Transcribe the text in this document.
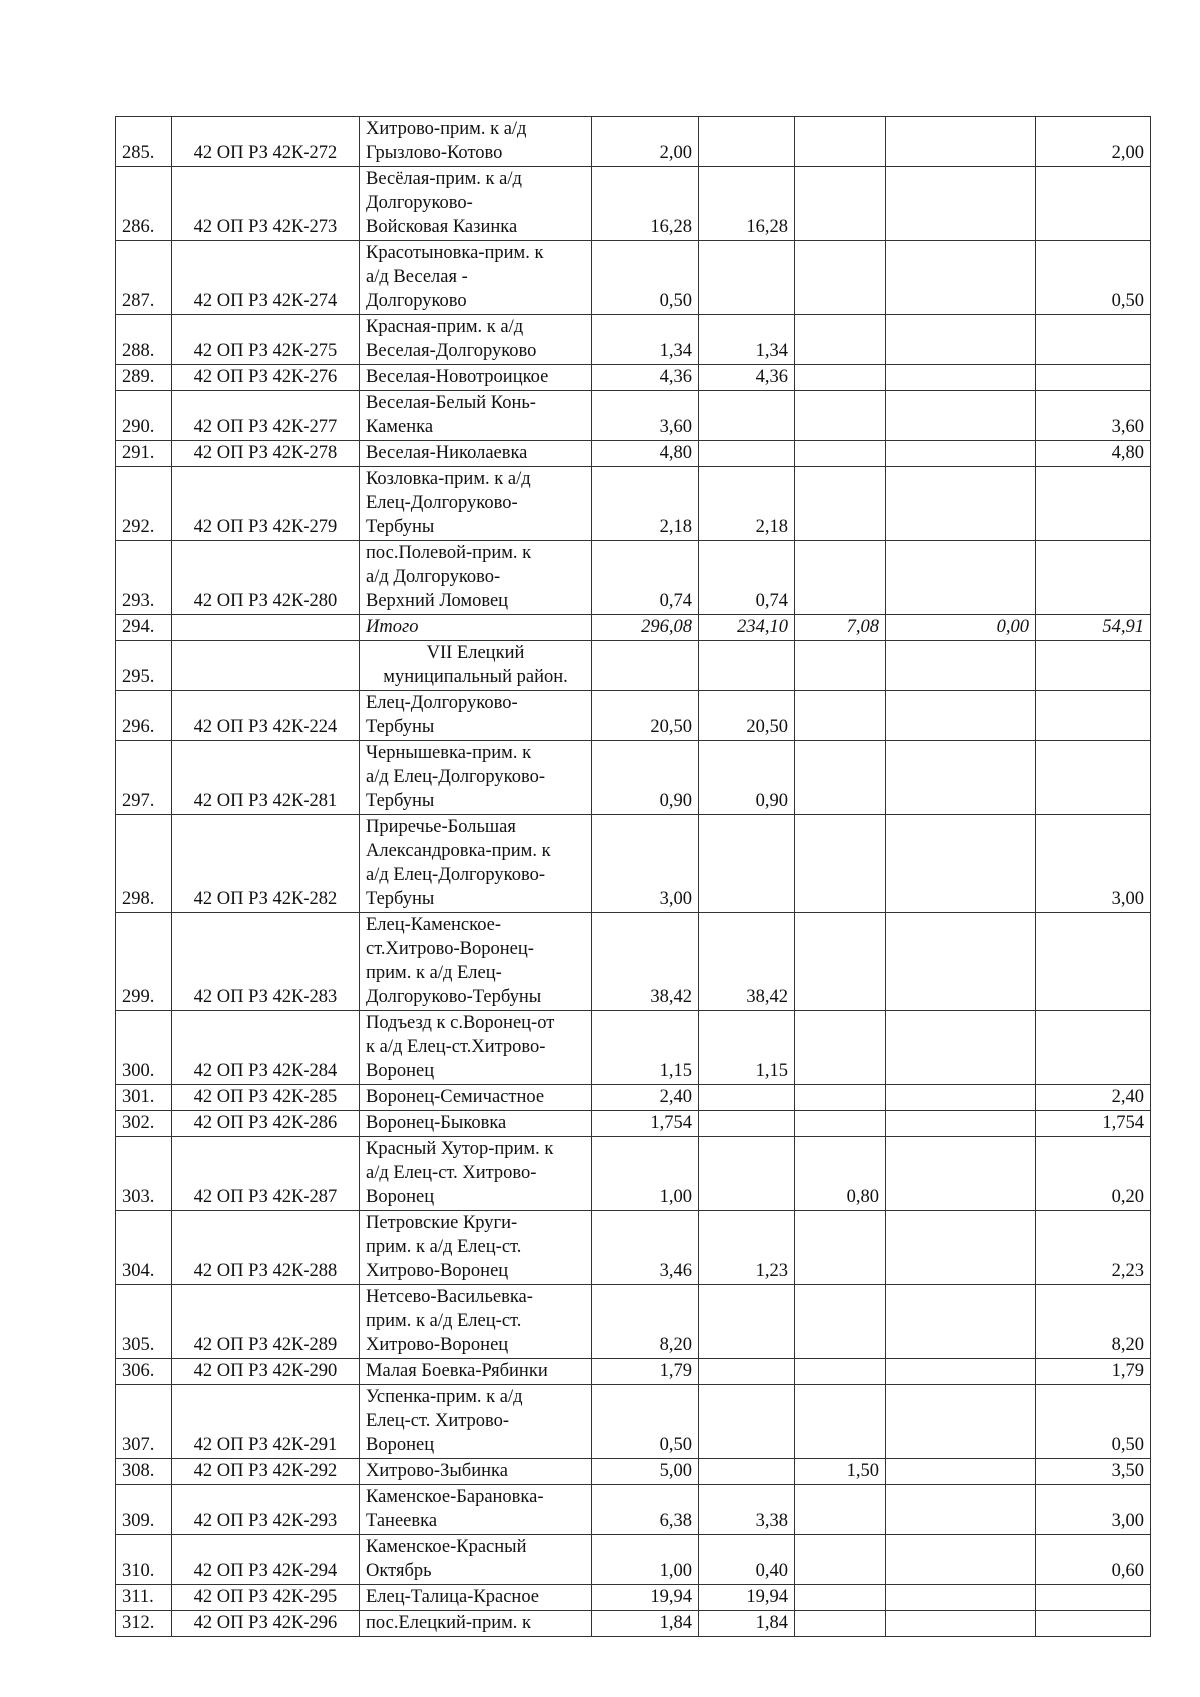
285.	42 ОП РЗ 42К-272	Хитрово-прим. к а/д
Грызлово-Котово	2,00				2,00
286.	42 ОП РЗ 42К-273	Весёлая-прим. к а/д
Долгоруково-
Войсковая Казинка	16,28	16,28			
287.	42 ОП РЗ 42К-274	Красотыновка-прим. к
а/д Веселая -
Долгоруково	0,50				0,50
288.	42 ОП РЗ 42К-275	Красная-прим. к а/д
Веселая-Долгоруково	1,34	1,34			
289.	42 ОП РЗ 42К-276	Веселая-Новотроицкое	4,36	4,36			
290.	42 ОП РЗ 42К-277	Веселая-Белый Конь-
Каменка	3,60				3,60
291.	42 ОП РЗ 42К-278	Веселая-Николаевка	4,80				4,80
292.	42 ОП РЗ 42К-279	Козловка-прим. к а/д
Елец-Долгоруково-
Тербуны	2,18	2,18			
293.	42 ОП РЗ 42К-280	пос.Полевой-прим. к
а/д Долгоруково-
Верхний Ломовец	0,74	0,74			
294.		Итого	296,08	234,10	7,08	0,00	54,91
295.		VII Елецкий
муниципальный район.					
296.	42 ОП РЗ 42К-224	Елец-Долгоруково-
Тербуны	20,50	20,50			
297.	42 ОП РЗ 42К-281	Чернышевка-прим. к
а/д Елец-Долгоруково-
Тербуны	0,90	0,90			
298.	42 ОП РЗ 42К-282	Приречье-Большая
Александровка-прим. к
а/д Елец-Долгоруково-
Тербуны	3,00				3,00
299.	42 ОП РЗ 42К-283	Елец-Каменское-
ст.Хитрово-Воронец-
прим. к а/д Елец-
Долгоруково-Тербуны	38,42	38,42			
300.	42 ОП РЗ 42К-284	Подъезд к с.Воронец-от
к а/д Елец-ст.Хитрово-
Воронец	1,15	1,15			
301.	42 ОП РЗ 42К-285	Воронец-Семичастное	2,40				2,40
302.	42 ОП РЗ 42К-286	Воронец-Быковка	1,754				1,754
303.	42 ОП РЗ 42К-287	Красный Хутор-прим. к
а/д Елец-ст. Хитрово-
Воронец	1,00		0,80		0,20
304.	42 ОП РЗ 42К-288	Петровские Круги-
прим. к а/д Елец-ст.
Хитрово-Воронец	3,46	1,23			2,23
305.	42 ОП РЗ 42К-289	Нетсево-Васильевка-
прим. к а/д Елец-ст.
Хитрово-Воронец	8,20				8,20
306.	42 ОП РЗ 42К-290	Малая Боевка-Рябинки	1,79				1,79
307.	42 ОП РЗ 42К-291	Успенка-прим. к а/д
Елец-ст. Хитрово-
Воронец	0,50				0,50
308.	42 ОП РЗ 42К-292	Хитрово-Зыбинка	5,00		1,50		3,50
309.	42 ОП РЗ 42К-293	Каменское-Барановка-
Танеевка	6,38	3,38			3,00
310.	42 ОП РЗ 42К-294	Каменское-Красный
Октябрь	1,00	0,40			0,60
311.	42 ОП РЗ 42К-295	Елец-Талица-Красное	19,94	19,94			
312.	42 ОП РЗ 42К-296	пос.Елецкий-прим. к	1,84	1,84			
